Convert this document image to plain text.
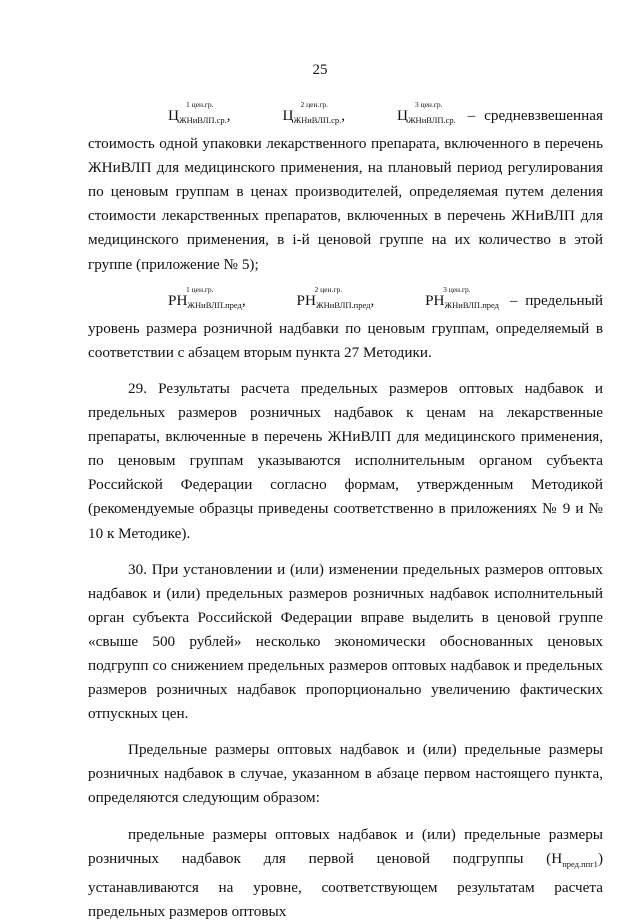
25

$Ц_{ЖНиВЛП.ср.}$
1 цен.гр.
,	$Ц_{ЖНиВЛП.ср.}$
2 цен.гр.
,	$Ц_{ЖНиВЛП.ср.}$
3 цен.гр.
– средневзвешенная стоимость одной упаковки лекарственного препарата, включенного в перечень ЖНиВЛП для медицинского применения, на плановый период регулирования по ценовым группам в ценах производителей, определяемая путем деления стоимости лекарственных препаратов, включенных в перечень ЖНиВЛП для медицинского применения, в i-й ценовой группе на их количество в этой группе (приложение № 5);

$РН_{ЖНиВЛП.пред}$
1 цен.гр.
,	$РН_{ЖНиВЛП.пред}$
2 цен.гр.
,	$РН_{ЖНиВЛП.пред}$
3 цен.гр.
– предельный уровень размера розничной надбавки по ценовым группам, определяемый в соответствии с абзацем вторым пункта 27 Методики.

29. Результаты расчета предельных размеров оптовых надбавок и предельных размеров розничных надбавок к ценам на лекарственные препараты, включенные в перечень ЖНиВЛП для медицинского применения, по ценовым группам указываются исполнительным органом субъекта Российской Федерации согласно формам, утвержденным Методикой (рекомендуемые образцы приведены соответственно в приложениях № 9 и № 10 к Методике).

30. При установлении и (или) изменении предельных размеров оптовых надбавок и (или) предельных размеров розничных надбавок исполнительный орган субъекта Российской Федерации вправе выделить в ценовой группе «свыше 500 рублей» несколько экономически обоснованных ценовых подгрупп со снижением предельных размеров оптовых надбавок и предельных размеров розничных надбавок пропорционально увеличению фактических отпускных цен.

Предельные размеры оптовых надбавок и (или) предельные размеры розничных надбавок в случае, указанном в абзаце первом настоящего пункта, определяются следующим образом:

предельные размеры оптовых надбавок и (или) предельные размеры розничных надбавок для первой ценовой подгруппы $(Н_{пред.ппг1})$ устанавливаются на уровне, соответствующем результатам расчета предельных размеров оптовых
